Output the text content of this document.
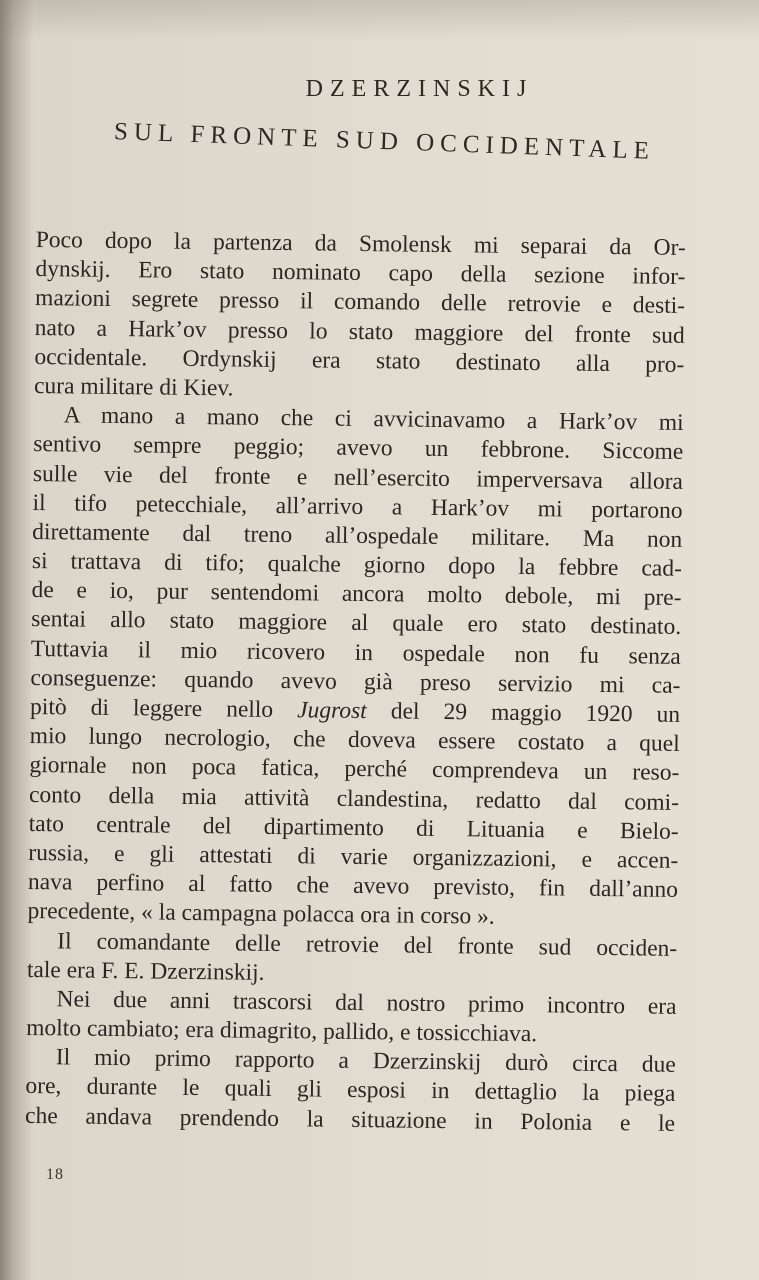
DZERZINSKIJ
SUL FRONTE SUD OCCIDENTALE
Poco dopo la partenza da Smolensk mi separai da Or-
dynskij. Ero stato nominato capo della sezione infor-
mazioni segrete presso il comando delle retrovie e desti-
nato a Hark’ov presso lo stato maggiore del fronte sud
occidentale. Ordynskij era stato destinato alla pro-
cura militare di Kiev.
A mano a mano che ci avvicinavamo a Hark’ov mi
sentivo sempre peggio; avevo un febbrone. Siccome
sulle vie del fronte e nell’esercito imperversava allora
il tifo petecchiale, all’arrivo a Hark’ov mi portarono
direttamente dal treno all’ospedale militare. Ma non
si trattava di tifo; qualche giorno dopo la febbre cad-
de e io, pur sentendomi ancora molto debole, mi pre-
sentai allo stato maggiore al quale ero stato destinato.
Tuttavia il mio ricovero in ospedale non fu senza
conseguenze: quando avevo già preso servizio mi ca-
pitò di leggere nello Jugrost del 29 maggio 1920 un
mio lungo necrologio, che doveva essere costato a quel
giornale non poca fatica, perché comprendeva un reso-
conto della mia attività clandestina, redatto dal comi-
tato centrale del dipartimento di Lituania e Bielo-
russia, e gli attestati di varie organizzazioni, e accen-
nava perfino al fatto che avevo previsto, fin dall’anno
precedente, « la campagna polacca ora in corso ».
Il comandante delle retrovie del fronte sud occiden-
tale era F. E. Dzerzinskij.
Nei due anni trascorsi dal nostro primo incontro era
molto cambiato; era dimagrito, pallido, e tossicchiava.
Il mio primo rapporto a Dzerzinskij durò circa due
ore, durante le quali gli esposi in dettaglio la piega
che andava prendendo la situazione in Polonia e le
18
